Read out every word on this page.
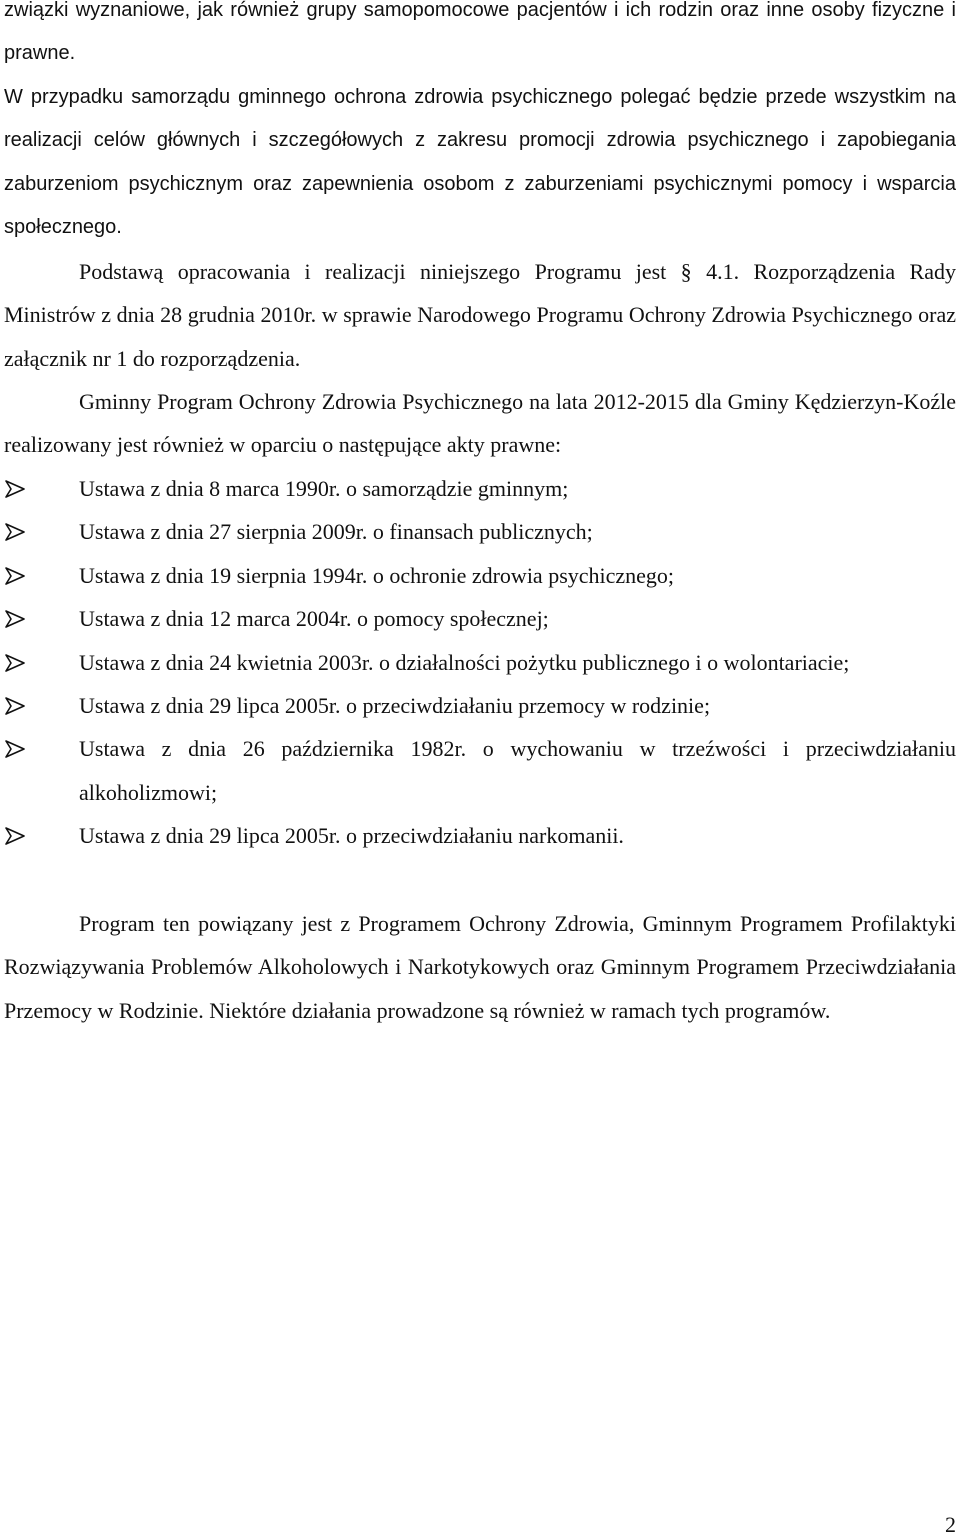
związki wyznaniowe, jak również grupy samopomocowe pacjentów i ich rodzin oraz inne osoby fizyczne i prawne.

W przypadku samorządu gminnego ochrona zdrowia psychicznego polegać będzie przede wszystkim na realizacji celów głównych i szczegółowych z zakresu promocji zdrowia psychicznego i zapobiegania zaburzeniom psychicznym oraz zapewnienia osobom z zaburzeniami psychicznymi pomocy i wsparcia społecznego.

Podstawą opracowania i realizacji niniejszego Programu jest § 4.1. Rozporządzenia Rady Ministrów z dnia 28 grudnia 2010r. w sprawie Narodowego Programu Ochrony Zdrowia Psychicznego oraz załącznik nr 1 do rozporządzenia.

Gminny Program Ochrony Zdrowia Psychicznego na lata 2012-2015 dla Gminy Kędzierzyn-Koźle realizowany jest również w oparciu o następujące akty prawne:

Ustawa z dnia 8 marca 1990r. o samorządzie gminnym;
Ustawa z dnia 27 sierpnia 2009r. o finansach publicznych;
Ustawa z dnia 19 sierpnia 1994r. o ochronie zdrowia psychicznego;
Ustawa z dnia 12 marca 2004r. o pomocy społecznej;
Ustawa z dnia 24 kwietnia 2003r. o działalności pożytku publicznego i o wolontariacie;
Ustawa z dnia 29 lipca 2005r. o przeciwdziałaniu przemocy w rodzinie;
Ustawa z dnia 26 października 1982r. o wychowaniu w trzeźwości i przeciwdziałaniu alkoholizmowi;
Ustawa z dnia 29 lipca 2005r. o przeciwdziałaniu narkomanii.

Program ten powiązany jest z Programem Ochrony Zdrowia, Gminnym Programem Profilaktyki Rozwiązywania Problemów Alkoholowych i Narkotykowych oraz Gminnym Programem Przeciwdziałania Przemocy w Rodzinie. Niektóre działania prowadzone są również w ramach tych programów.

2
